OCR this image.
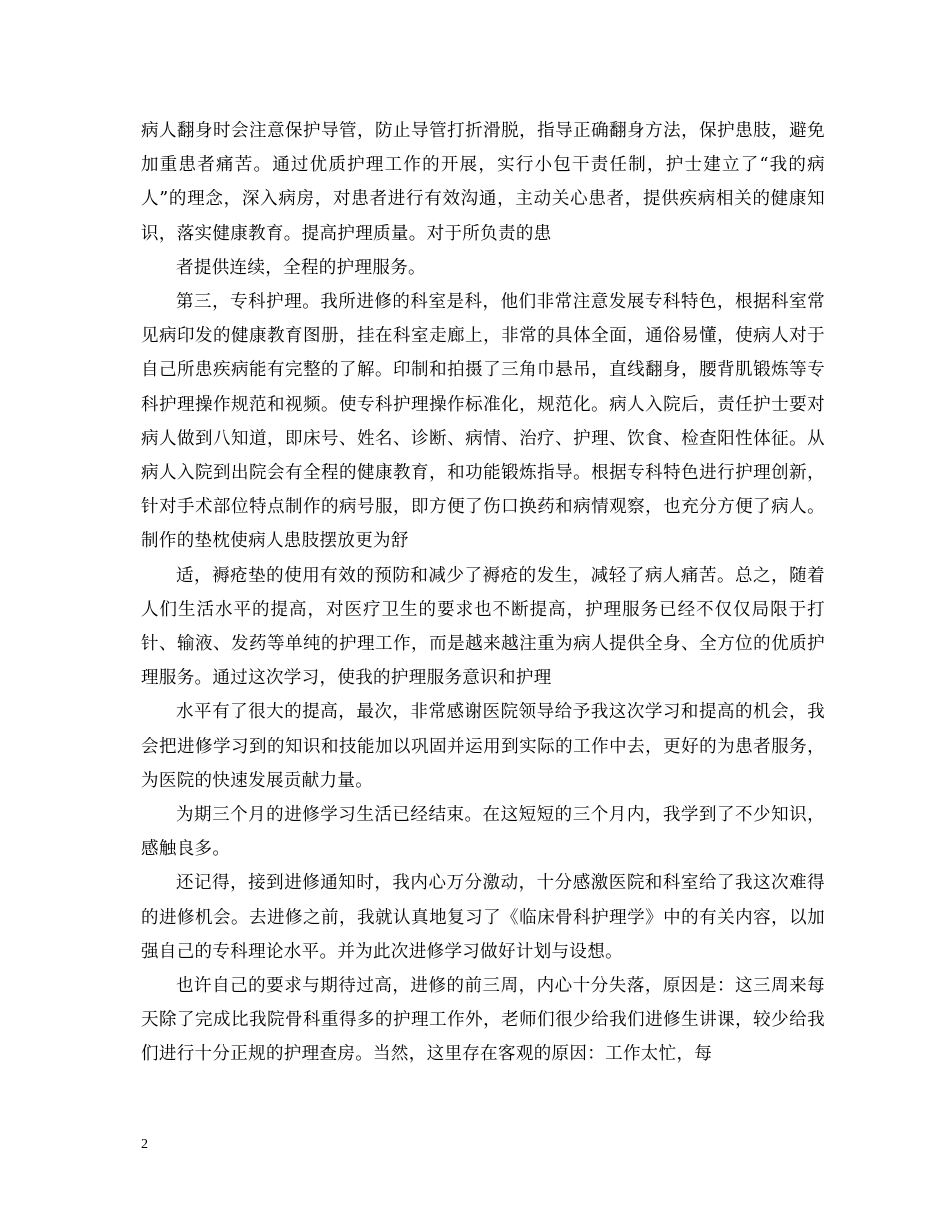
病人翻身时会注意保护导管，防止导管打折滑脱，指导正确翻身方法，保护患肢，避免加重患者痛苦。通过优质护理工作的开展，实行小包干责任制，护士建立了“我的病人”的理念，深入病房，对患者进行有效沟通，主动关心患者，提供疾病相关的健康知识，落实健康教育。提高护理质量。对于所负责的患

者提供连续，全程的护理服务。

第三，专科护理。我所进修的科室是科，他们非常注意发展专科特色，根据科室常见病印发的健康教育图册，挂在科室走廊上，非常的具体全面，通俗易懂，使病人对于自己所患疾病能有完整的了解。印制和拍摄了三角巾悬吊，直线翻身，腰背肌锻炼等专科护理操作规范和视频。使专科护理操作标准化，规范化。病人入院后，责任护士要对病人做到八知道，即床号、姓名、诊断、病情、治疗、护理、饮食、检查阳性体征。从病人入院到出院会有全程的健康教育，和功能锻炼指导。根据专科特色进行护理创新，针对手术部位特点制作的病号服，即方便了伤口换药和病情观察，也充分方便了病人。制作的垫枕使病人患肢摆放更为舒

适，褥疮垫的使用有效的预防和减少了褥疮的发生，减轻了病人痛苦。总之，随着人们生活水平的提高，对医疗卫生的要求也不断提高，护理服务已经不仅仅局限于打针、输液、发药等单纯的护理工作，而是越来越注重为病人提供全身、全方位的优质护理服务。通过这次学习，使我的护理服务意识和护理

水平有了很大的提高，最次，非常感谢医院领导给予我这次学习和提高的机会，我会把进修学习到的知识和技能加以巩固并运用到实际的工作中去，更好的为患者服务，为医院的快速发展贡献力量。

为期三个月的进修学习生活已经结束。在这短短的三个月内，我学到了不少知识，感触良多。

还记得，接到进修通知时，我内心万分激动，十分感激医院和科室给了我这次难得的进修机会。去进修之前，我就认真地复习了《临床骨科护理学》中的有关内容，以加强自己的专科理论水平。并为此次进修学习做好计划与设想。

也许自己的要求与期待过高，进修的前三周，内心十分失落，原因是：这三周来每天除了完成比我院骨科重得多的护理工作外，老师们很少给我们进修生讲课，较少给我们进行十分正规的护理查房。当然，这里存在客观的原因：工作太忙，每

2
